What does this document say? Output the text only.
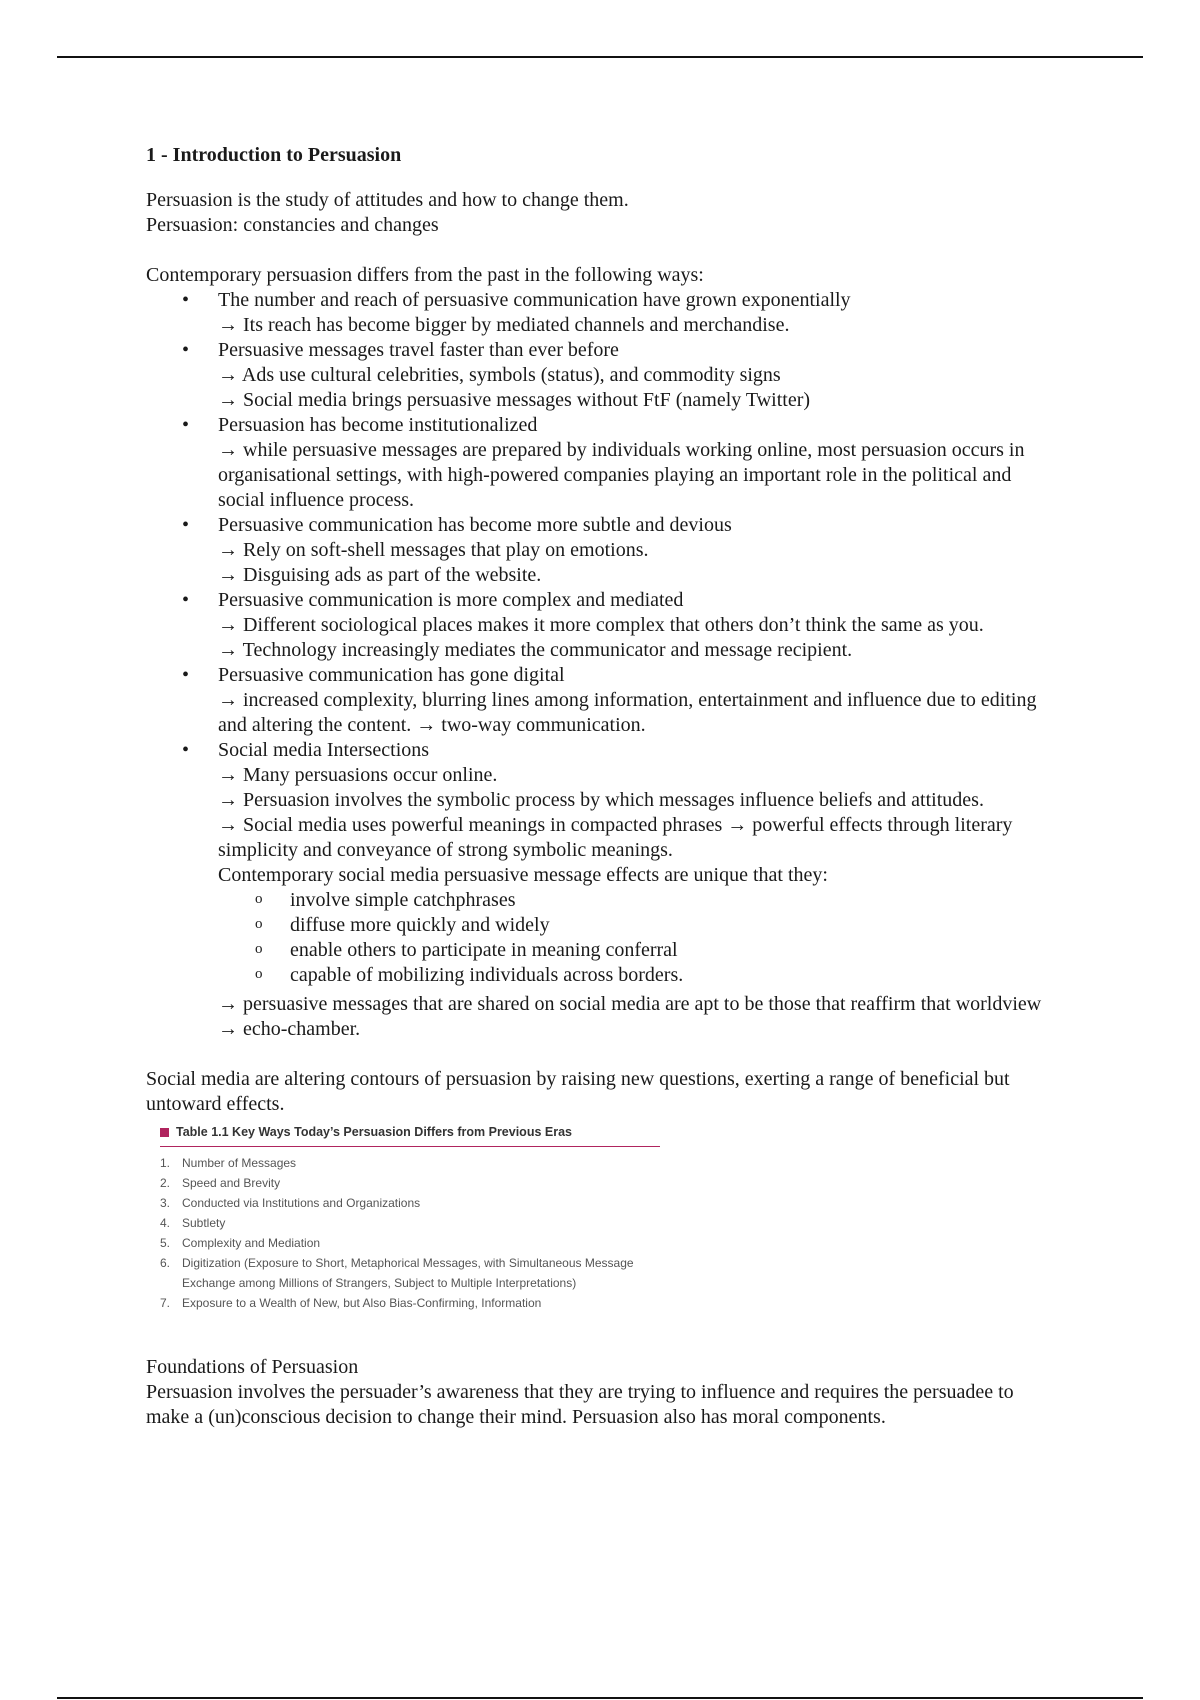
1 - Introduction to Persuasion

Persuasion is the study of attitudes and how to change them.

Persuasion: constancies and changes

Contemporary persuasion differs from the past in the following ways:

• The number and reach of persuasive communication have grown exponentially
→ Its reach has become bigger by mediated channels and merchandise.
• Persuasive messages travel faster than ever before
→ Ads use cultural celebrities, symbols (status), and commodity signs
→ Social media brings persuasive messages without FtF (namely Twitter)
• Persuasion has become institutionalized
→ while persuasive messages are prepared by individuals working online, most persuasion occurs in organisational settings, with high-powered companies playing an important role in the political and social influence process.
• Persuasive communication has become more subtle and devious
→ Rely on soft-shell messages that play on emotions.
→ Disguising ads as part of the website.
• Persuasive communication is more complex and mediated
→ Different sociological places makes it more complex that others don’t think the same as you.
→ Technology increasingly mediates the communicator and message recipient.
• Persuasive communication has gone digital
→ increased complexity, blurring lines among information, entertainment and influence due to editing and altering the content. → two-way communication.
• Social media Intersections
→ Many persuasions occur online.
→ Persuasion involves the symbolic process by which messages influence beliefs and attitudes.
→ Social media uses powerful meanings in compacted phrases → powerful effects through literary simplicity and conveyance of strong symbolic meanings.
Contemporary social media persuasive message effects are unique that they:
o involve simple catchphrases
o diffuse more quickly and widely
o enable others to participate in meaning conferral
o capable of mobilizing individuals across borders.
→ persuasive messages that are shared on social media are apt to be those that reaffirm that worldview → echo-chamber.

Social media are altering contours of persuasion by raising new questions, exerting a range of beneficial but untoward effects.

Table 1.1 Key Ways Today’s Persuasion Differs from Previous Eras
1. Number of Messages
2. Speed and Brevity
3. Conducted via Institutions and Organizations
4. Subtlety
5. Complexity and Mediation
6. Digitization (Exposure to Short, Metaphorical Messages, with Simultaneous Message Exchange among Millions of Strangers, Subject to Multiple Interpretations)
7. Exposure to a Wealth of New, but Also Bias-Confirming, Information

Foundations of Persuasion

Persuasion involves the persuader’s awareness that they are trying to influence and requires the persuadee to make a (un)conscious decision to change their mind. Persuasion also has moral components.
